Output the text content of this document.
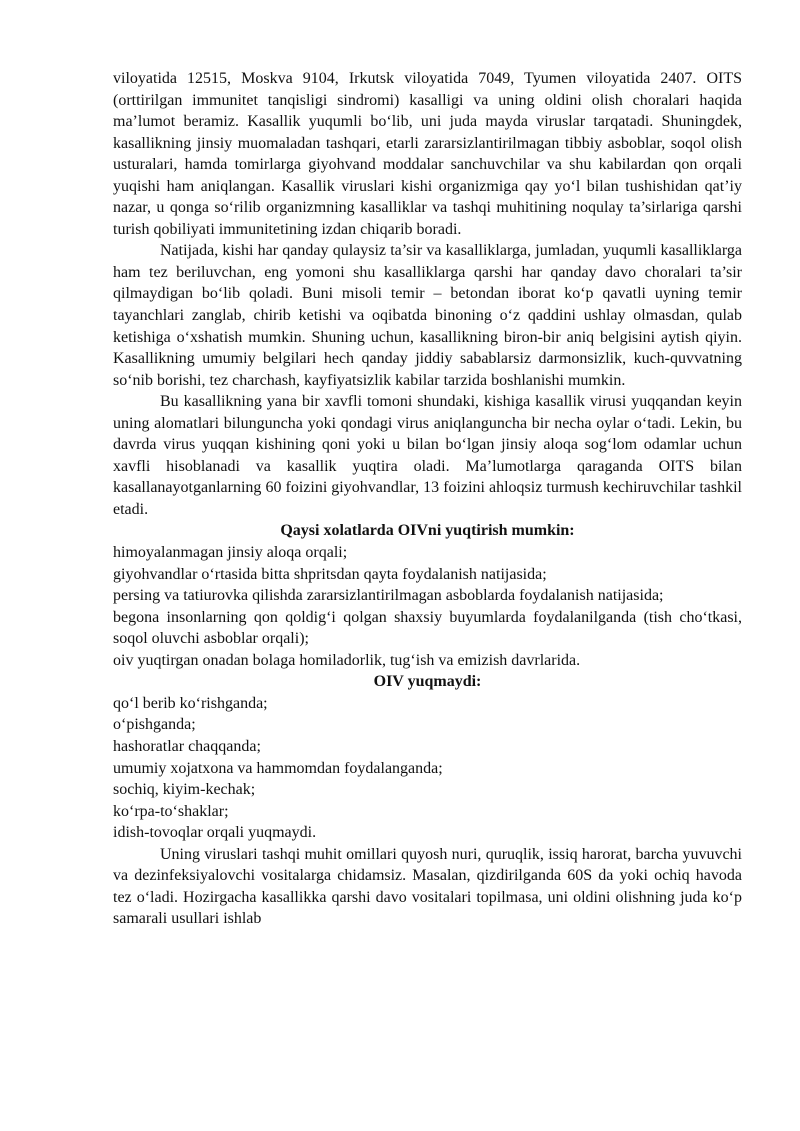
viloyatida 12515, Moskva 9104, Irkutsk viloyatida 7049, Tyumen viloyatida 2407. OITS (orttirilgan immunitet tanqisligi sindromi) kasalligi va uning oldini olish choralari haqida ma’lumot beramiz. Kasallik yuqumli bo‘lib, uni juda mayda viruslar tarqatadi. Shuningdek, kasallikning jinsiy muomaladan tashqari, etarli zararsizlantirilmagan tibbiy asboblar, soqol olish usturalari, hamda tomirlarga giyohvand moddalar sanchuvchilar va shu kabilardan qon orqali yuqishi ham aniqlangan. Kasallik viruslari kishi organizmiga qay yo‘l bilan tushishidan qat’iy nazar, u qonga so‘rilib organizmning kasalliklar va tashqi muhitining noqulay ta’sirlariga qarshi turish qobiliyati immunitetining izdan chiqarib boradi.

Natijada, kishi har qanday qulaysiz ta’sir va kasalliklarga, jumladan, yuqumli kasalliklarga ham tez beriluvchan, eng yomoni shu kasalliklarga qarshi har qanday davo choralari ta’sir qilmaydigan bo‘lib qoladi. Buni misoli temir – betondan iborat ko‘p qavatli uyning temir tayanchlari zanglab, chirib ketishi va oqibatda binoning o‘z qaddini ushlay olmasdan, qulab ketishiga o‘xshatish mumkin. Shuning uchun, kasallikning biron-bir aniq belgisini aytish qiyin. Kasallikning umumiy belgilari hech qanday jiddiy sabablarsiz darmonsizlik, kuch-quvvatning so‘nib borishi, tez charchash, kayfiyatsizlik kabilar tarzida boshlanishi mumkin.

Bu kasallikning yana bir xavfli tomoni shundaki, kishiga kasallik virusi yuqqandan keyin uning alomatlari bilunguncha yoki qondagi virus aniqlanguncha bir necha oylar o‘tadi. Lekin, bu davrda virus yuqqan kishining qoni yoki u bilan bo‘lgan jinsiy aloqa sog‘lom odamlar uchun xavfli hisoblanadi va kasallik yuqtira oladi. Ma’lumotlarga qaraganda OITS bilan kasallanayotganlarning 60 foizini giyohvandlar, 13 foizini ahloqsiz turmush kechiruvchilar tashkil etadi.

Qaysi xolatlarda OIVni yuqtirish mumkin:
himoyalanmagan jinsiy aloqa orqali;
giyohvandlar o‘rtasida bitta shpritsdan qayta foydalanish natijasida;
persing va tatiurovka qilishda zararsizlantirilmagan asboblarda foydalanish natijasida;
begona insonlarning qon qoldig‘i qolgan shaxsiy buyumlarda foydalanilganda (tish cho‘tkasi, soqol oluvchi asboblar orqali);
oiv yuqtirgan onadan bolaga homiladorlik, tug‘ish va emizish davrlarida.
OIV yuqmaydi:
qo‘l berib ko‘rishganda;
o‘pishganda;
hashoratlar chaqqanda;
umumiy xojatxona va hammomdan foydalanganda;
sochiq, kiyim-kechak;
ko‘rpa-to‘shaklar;
idish-tovoqlar orqali yuqmaydi.

Uning viruslari tashqi muhit omillari quyosh nuri, quruqlik, issiq harorat, barcha yuvuvchi va dezinfeksiyalovchi vositalarga chidamsiz. Masalan, qizdirilganda 60S da yoki ochiq havoda tez o‘ladi. Hozirgacha kasallikka qarshi davo vositalari topilmasa, uni oldini olishning juda ko‘p samarali usullari ishlab
